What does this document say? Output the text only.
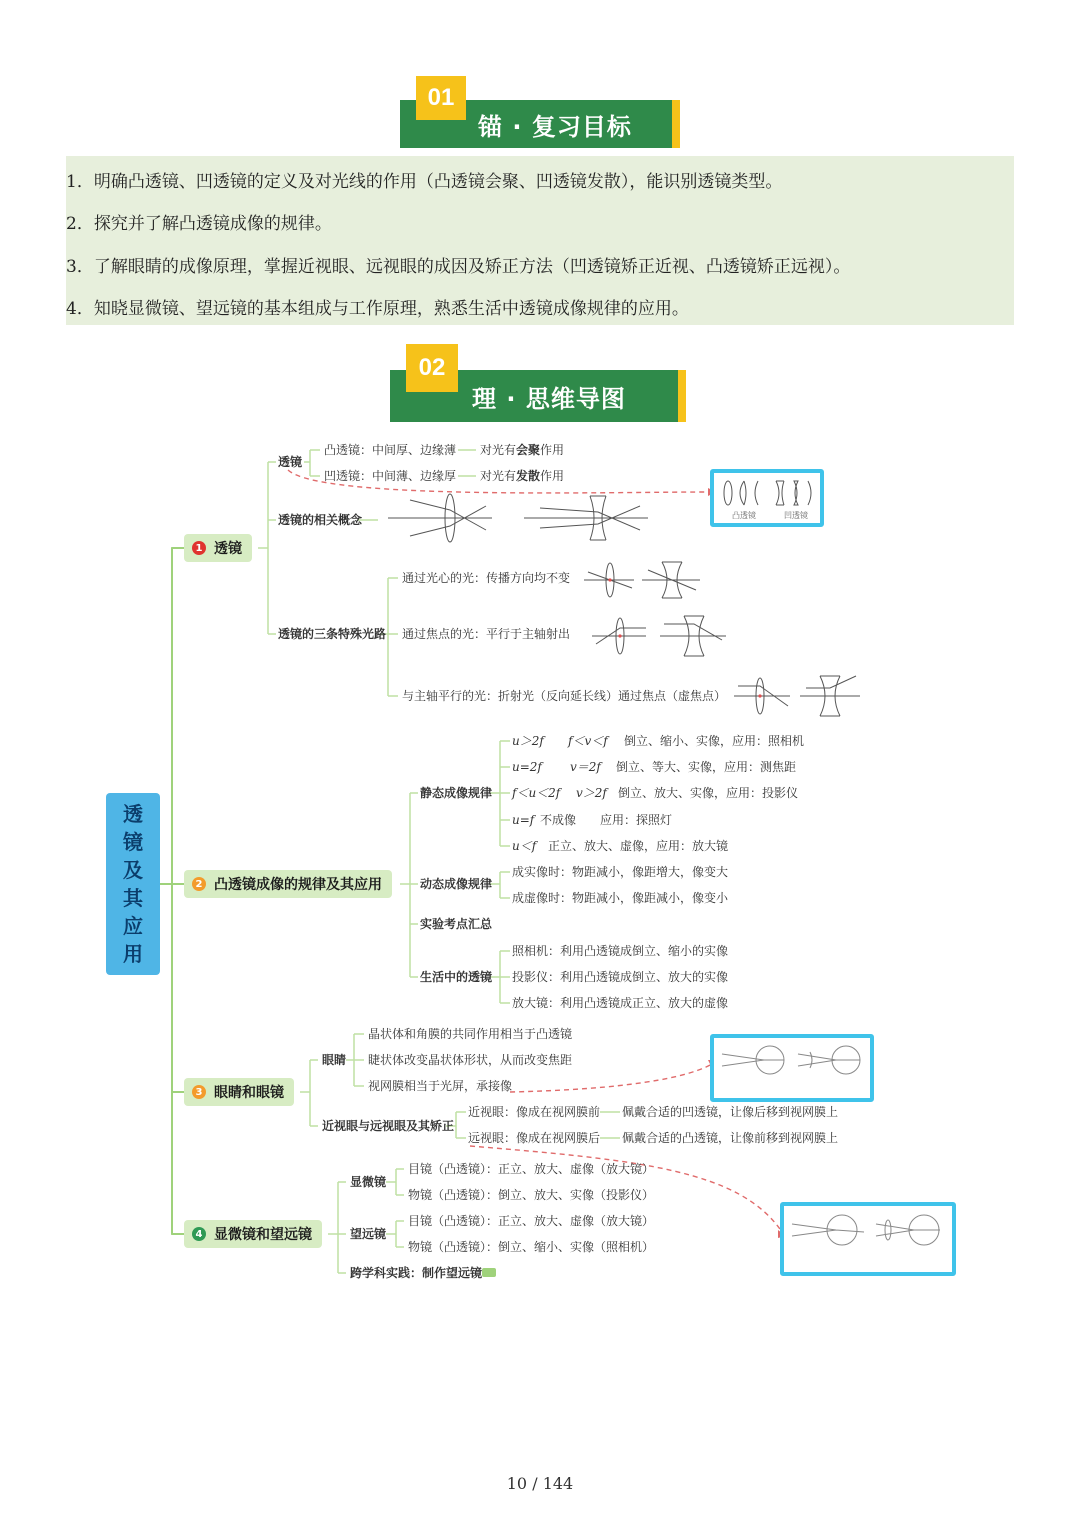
锚 · 复习目标
01
1．明确凸透镜、凹透镜的定义及对光线的作用（凸透镜会聚、凹透镜发散），能识别透镜类型。
2．探究并了解凸透镜成像的规律。
3．了解眼睛的成像原理，掌握近视眼、远视眼的成因及矫正方法（凹透镜矫正近视、凸透镜矫正远视）。
4．知晓显微镜、望远镜的基本组成与工作原理，熟悉生活中透镜成像规律的应用。
理 · 思维导图
02
透
镜
及
其
应
用
1 透镜
透镜
凸透镜：中间厚、边缘薄 对光有会聚作用
凹透镜：中间薄、边缘厚 对光有发散作用
凸透镜	凹透镜
透镜的相关概念
透镜的三条特殊光路
通过光心的光：传播方向均不变
通过焦点的光：平行于主轴射出
与主轴平行的光：折射光（反向延长线）通过焦点（虚焦点）
2 凸透镜成像的规律及其应用
静态成像规律
u＞2f f＜v＜f 倒立、缩小、实像，应用：照相机
u=2f v＝2f 倒立、等大、实像，应用：测焦距
f＜u＜2f v＞2f 倒立、放大、实像，应用：投影仪
u=f 不成像　　应用：探照灯
u＜f 正立、放大、虚像，应用：放大镜
动态成像规律
成实像时：物距减小，像距增大，像变大
成虚像时：物距减小，像距减小，像变小
实验考点汇总
生活中的透镜
照相机：利用凸透镜成倒立、缩小的实像
投影仪：利用凸透镜成倒立、放大的实像
放大镜：利用凸透镜成正立、放大的虚像
3 眼睛和眼镜
眼睛
晶状体和角膜的共同作用相当于凸透镜
睫状体改变晶状体形状，从而改变焦距
视网膜相当于光屏，承接像
近视眼与远视眼及其矫正
近视眼：像成在视网膜前 佩戴合适的凹透镜，让像后移到视网膜上
远视眼：像成在视网膜后 佩戴合适的凸透镜，让像前移到视网膜上
4 显微镜和望远镜
显微镜
目镜（凸透镜）：正立、放大、虚像（放大镜）
物镜（凸透镜）：倒立、放大、实像（投影仪）
望远镜
目镜（凸透镜）：正立、放大、虚像（放大镜）
物镜（凸透镜）：倒立、缩小、实像（照相机）
跨学科实践：制作望远镜
10 / 144
